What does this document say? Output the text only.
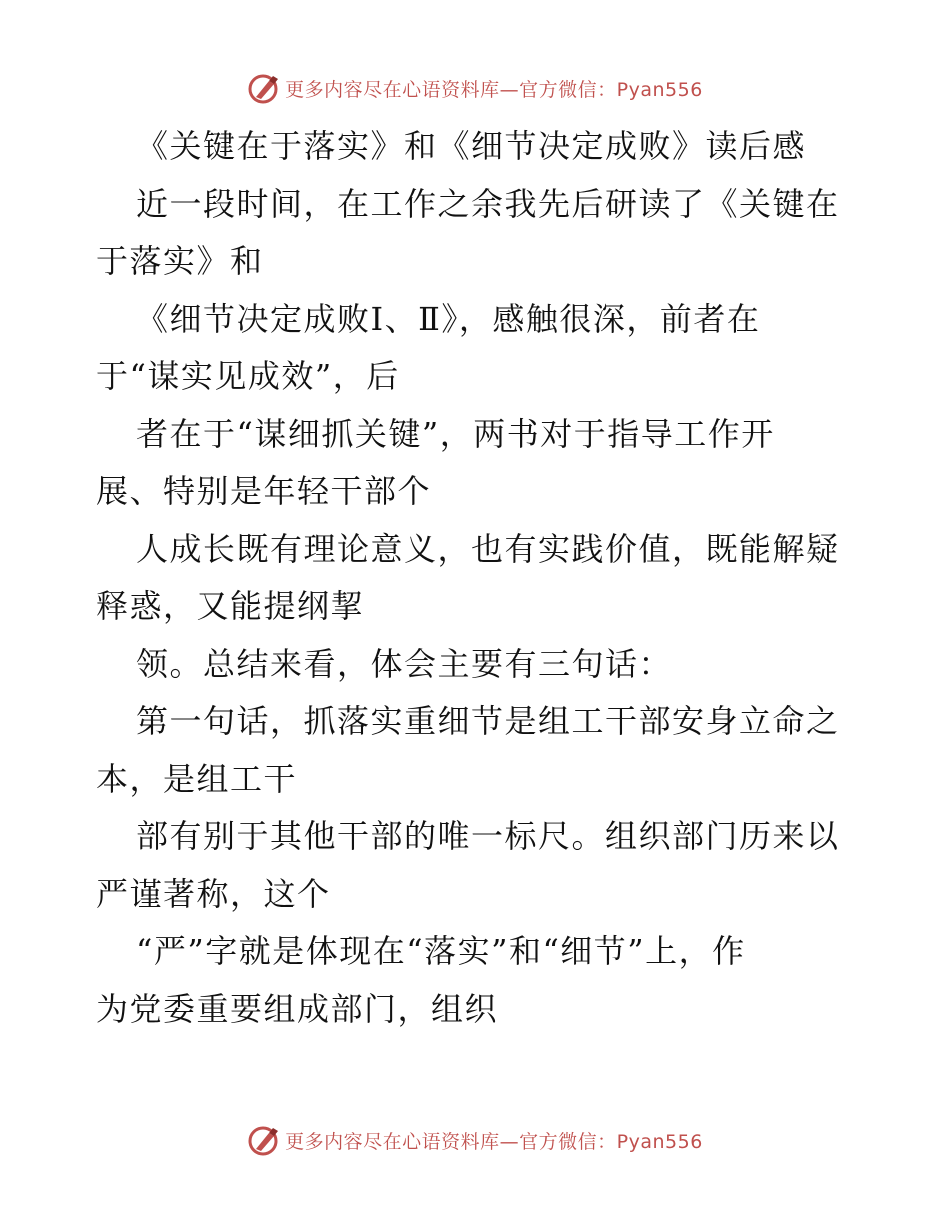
更多内容尽在心语资料库—官方微信：Pyan556
《关键在于落实》和《细节决定成败》读后感
近一段时间，在工作之余我先后研读了《关键在
于落实》和
《细节决定成败Ⅰ、Ⅱ》，感触很深，前者在
于“谋实见成效”，后
者在于“谋细抓关键”，两书对于指导工作开
展、特别是年轻干部个
人成长既有理论意义，也有实践价值，既能解疑
释惑，又能提纲挈
领。总结来看，体会主要有三句话：
第一句话，抓落实重细节是组工干部安身立命之
本，是组工干
部有别于其他干部的唯一标尺。组织部门历来以
严谨著称，这个
“严”字就是体现在“落实”和“细节”上，作
为党委重要组成部门，组织
更多内容尽在心语资料库—官方微信：Pyan556
